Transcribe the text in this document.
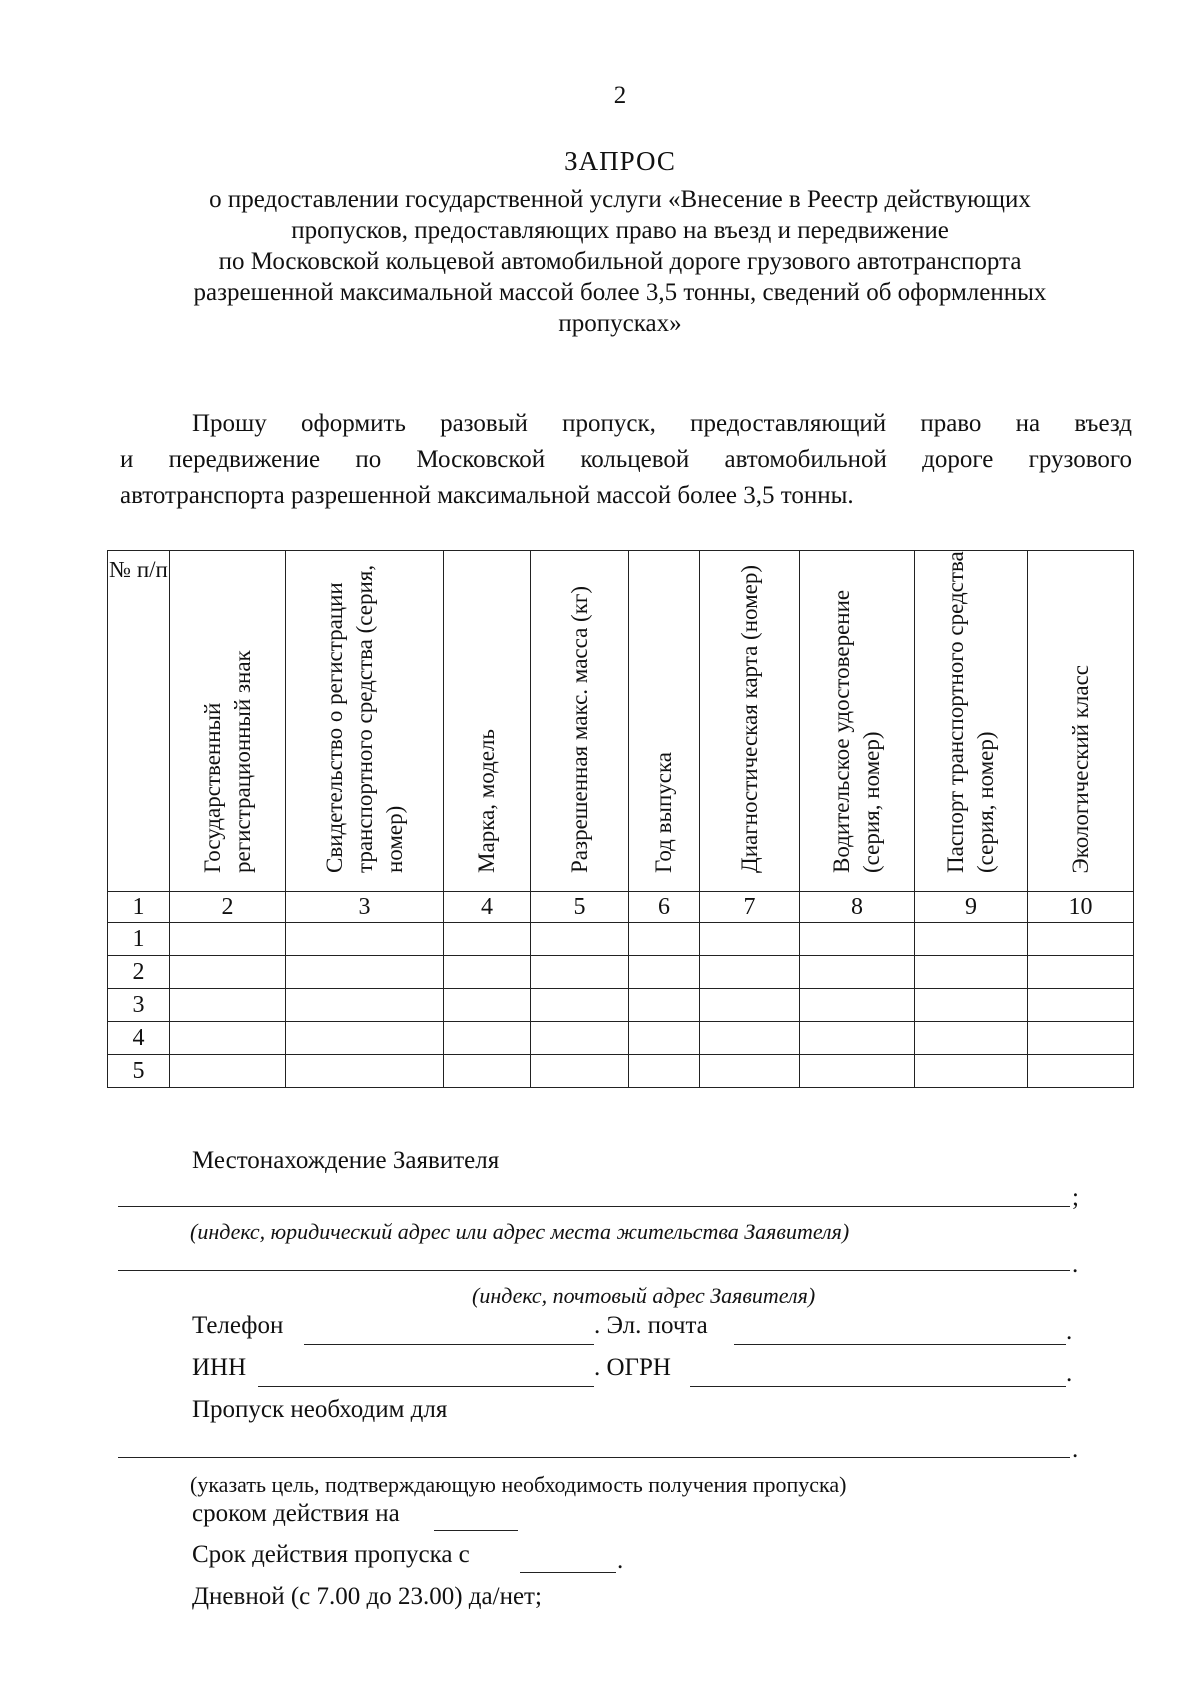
2
ЗАПРОС
о предоставлении государственной услуги «Внесение в Реестр действующих
пропусков, предоставляющих право на въезд и передвижение
по Московской кольцевой автомобильной дороге грузового автотранспорта
разрешенной максимальной массой более 3,5 тонны, сведений об оформленных
пропусках»
Прошу оформить разовый пропуск, предоставляющий право на въезд
и передвижение по Московской кольцевой автомобильной дороге грузового
автотранспорта разрешенной максимальной массой более 3,5 тонны.
№ п/п	Государственный регистрационный знак	Свидетельство о регистрации транспортного средства (серия, номер)	Марка, модель	Разрешенная макс. масса (кг)	Год выпуска	Диагностическая карта (номер)	Водительское удостоверение (серия, номер)	Паспорт транспортного средства (серия, номер)	Экологический класс

1	2	3	4	5	6	7	8	9	10
1									
2									
3									
4									
5									
Местонахождение Заявителя
;
(индекс, юридический адрес или адрес места жительства Заявителя)
.
(индекс, почтовый адрес Заявителя)
Телефон	. Эл. почта	.
ИНН	. ОГРН	.
Пропуск необходим для
.
(указать цель, подтверждающую необходимость получения пропуска)
сроком действия на
Срок действия пропуска с	.
Дневной (с 7.00 до 23.00) да/нет;
